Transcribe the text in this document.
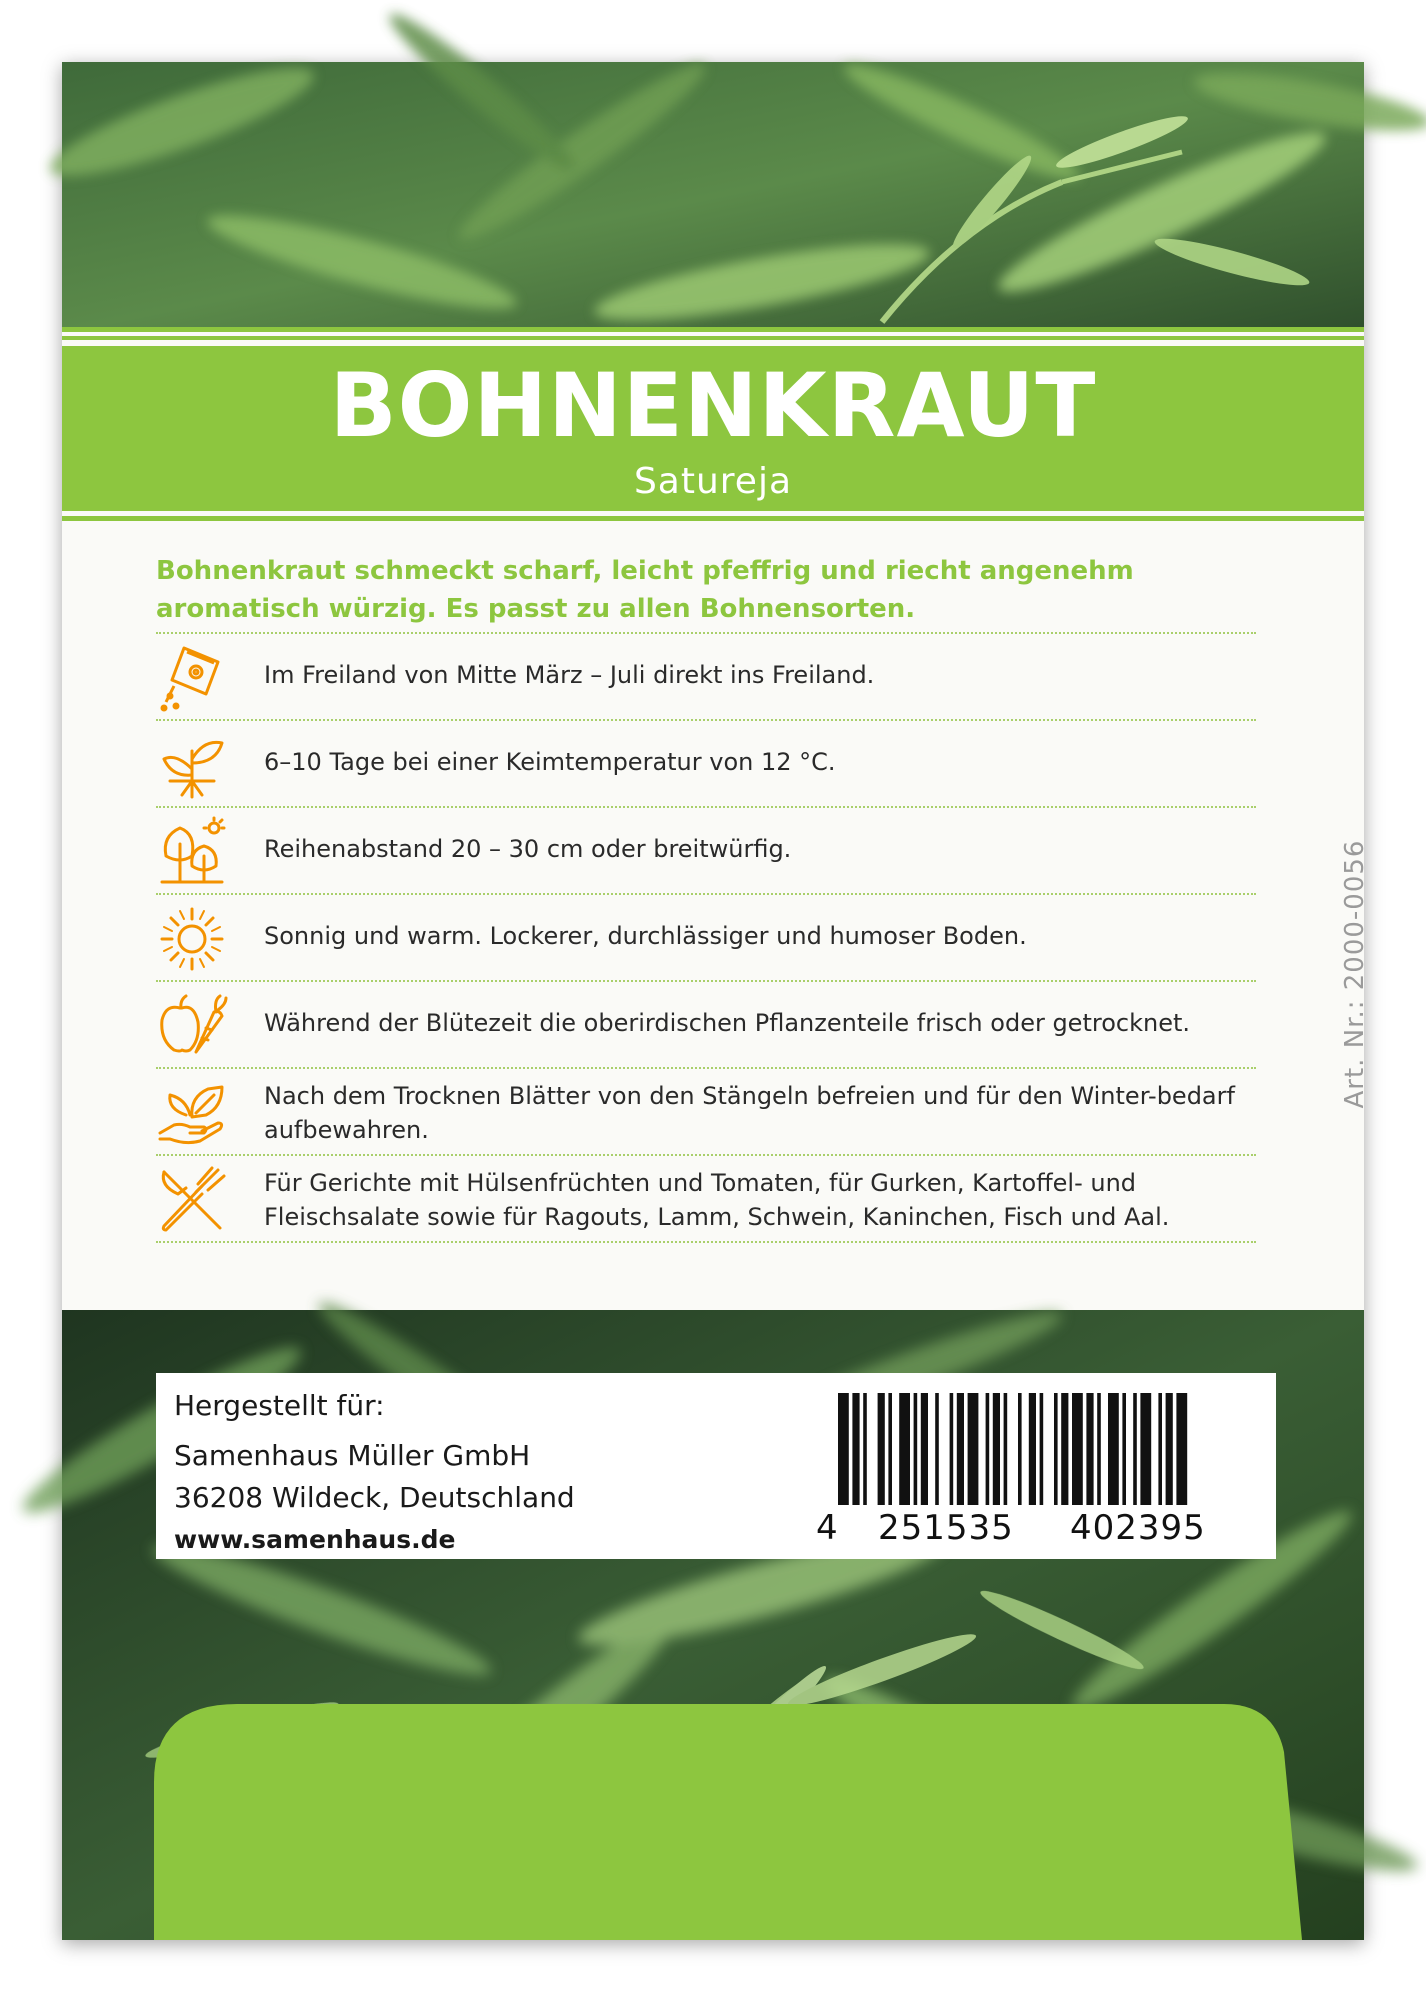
BOHNENKRAUT
Satureja
Bohnenkraut schmeckt scharf, leicht pfeffrig und riecht angenehm aromatisch würzig. Es passt zu allen Bohnensorten.
Im Freiland von Mitte März – Juli direkt ins Freiland.
6–10 Tage bei einer Keimtemperatur von 12 °C.
Reihenabstand 20 – 30 cm oder breitwürfig.
Sonnig und warm. Lockerer, durchlässiger und humoser Boden.
Während der Blütezeit die oberirdischen Pflanzenteile frisch oder getrocknet.
Nach dem Trocknen Blätter von den Stängeln befreien und für den Winter-bedarf aufbewahren.
Für Gerichte mit Hülsenfrüchten und Tomaten, für Gurken, Kartoffel- und Fleischsalate sowie für Ragouts, Lamm, Schwein, Kaninchen, Fisch und Aal.
Art. Nr.: 2000-0056
Hergestellt für:
Samenhaus Müller GmbH
36208 Wildeck, Deutschland
www.samenhaus.de	4 251535 402395
